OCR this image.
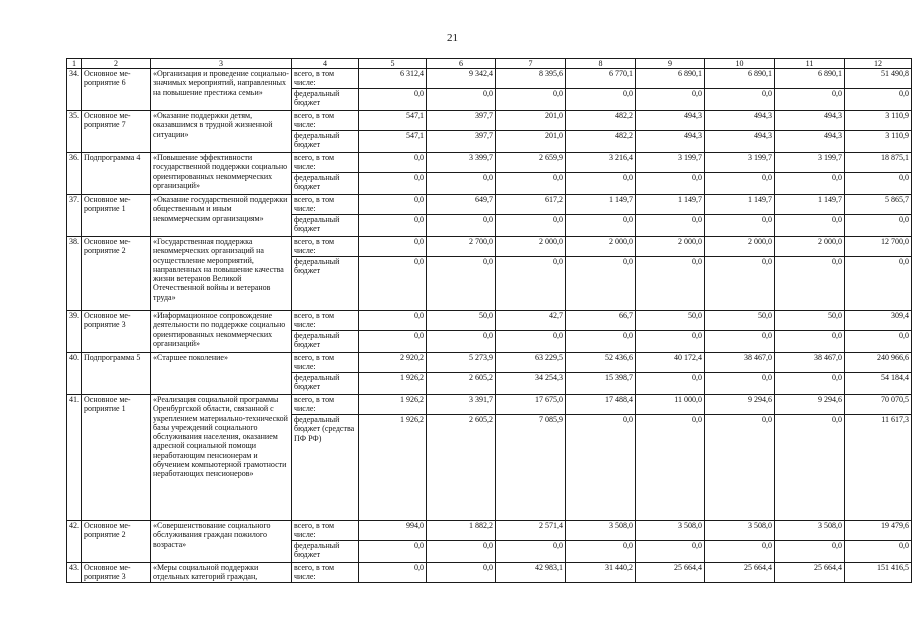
21
1	2	3	4	5	6	7	8	9	10	11	12
34.	Основное ме-роприятие 6	«Организация и проведение социально-значимых мероприятий, направленных на повышение престижа семьи»	всего, в том числе:	6 312,4	9 342,4	8 395,6	6 770,1	6 890,1	6 890,1	6 890,1	51 490,8
			федеральный бюджет	0,0	0,0	0,0	0,0	0,0	0,0	0,0	0,0
35.	Основное ме-роприятие 7	«Оказание поддержки детям, оказавшимся в трудной жизненной ситуации»	всего, в том числе:	547,1	397,7	201,0	482,2	494,3	494,3	494,3	3 110,9
			федеральный бюджет	547,1	397,7	201,0	482,2	494,3	494,3	494,3	3 110,9
36.	Подпрограмма 4	«Повышение эффективности государственной поддержки социально ориентированных некоммерческих организаций»	всего, в том числе:	0,0	3 399,7	2 659,9	3 216,4	3 199,7	3 199,7	3 199,7	18 875,1
			федеральный бюджет	0,0	0,0	0,0	0,0	0,0	0,0	0,0	0,0
37.	Основное ме-роприятие 1	«Оказание государственной поддержки общественным и иным некоммерческим организациям»	всего, в том числе:	0,0	649,7	617,2	1 149,7	1 149,7	1 149,7	1 149,7	5 865,7
			федеральный бюджет	0,0	0,0	0,0	0,0	0,0	0,0	0,0	0,0
38.	Основное ме-роприятие 2	«Государственная поддержка некоммерческих организаций на осуществление мероприятий, направленных на повышение качества жизни ветеранов Великой Отечественной войны и ветеранов труда»	всего, в том числе:	0,0	2 700,0	2 000,0	2 000,0	2 000,0	2 000,0	2 000,0	12 700,0
			федеральный бюджет	0,0	0,0	0,0	0,0	0,0	0,0	0,0	0,0
39.	Основное ме-роприятие 3	«Информационное сопровождение деятельности по поддержке социально ориентированных некоммерческих организаций»	всего, в том числе:	0,0	50,0	42,7	66,7	50,0	50,0	50,0	309,4
			федеральный бюджет	0,0	0,0	0,0	0,0	0,0	0,0	0,0	0,0
40.	Подпрограмма 5	«Старшее поколение»	всего, в том числе:	2 920,2	5 273,9	63 229,5	52 436,6	40 172,4	38 467,0	38 467,0	240 966,6
			федеральный бюджет	1 926,2	2 605,2	34 254,3	15 398,7	0,0	0,0	0,0	54 184,4
41.	Основное ме-роприятие 1	«Реализация социальной программы Оренбургской области, связанной с укреплением материально-технической базы учреждений социального обслуживания населения, оказанием адресной социальной помощи неработающим пенсионерам и обучением компьютерной грамотности неработающих пенсионеров»	всего, в том числе:	1 926,2	3 391,7	17 675,0	17 488,4	11 000,0	9 294,6	9 294,6	70 070,5
			федеральный бюджет (средства ПФ РФ)	1 926,2	2 605,2	7 085,9	0,0	0,0	0,0	0,0	11 617,3
42.	Основное ме-роприятие 2	«Совершенствование социального обслуживания граждан пожилого возраста»	всего, в том числе:	994,0	1 882,2	2 571,4	3 508,0	3 508,0	3 508,0	3 508,0	19 479,6
			федеральный бюджет	0,0	0,0	0,0	0,0	0,0	0,0	0,0	0,0
43.	Основное ме-роприятие 3	«Меры социальной поддержки отдельных категорий граждан,	всего, в том числе:	0,0	0,0	42 983,1	31 440,2	25 664,4	25 664,4	25 664,4	151 416,5
